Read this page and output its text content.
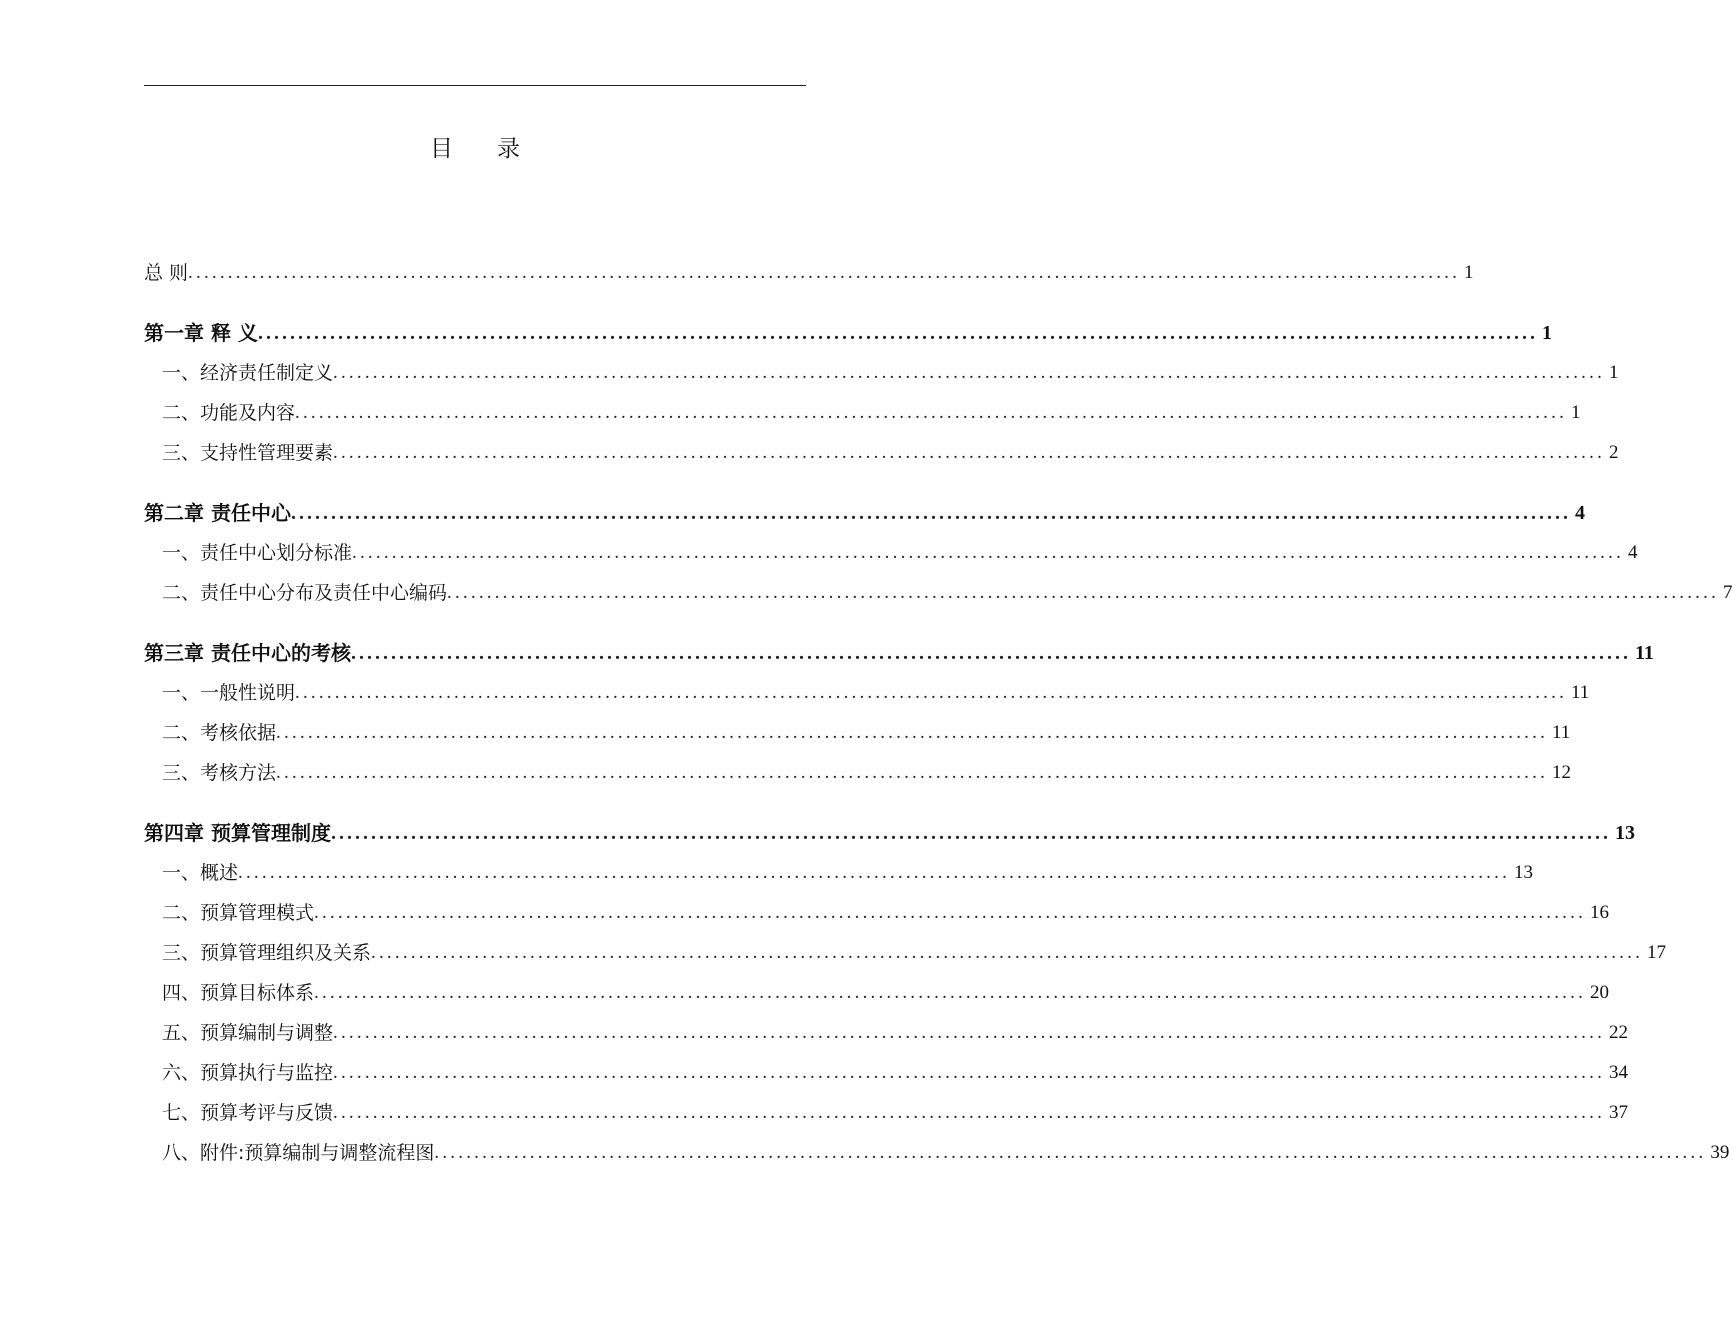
目 录
总 则 ................................................................................................................................................................ 1
第一章 释 义 ................................................................................................................................................................ 1
一、经济责任制定义 ................................................................................................................................................................ 1
二、功能及内容 ................................................................................................................................................................ 1
三、支持性管理要素 ................................................................................................................................................................ 2
第二章 责任中心 ................................................................................................................................................................ 4
一、责任中心划分标准 ................................................................................................................................................................ 4
二、责任中心分布及责任中心编码 ................................................................................................................................................................ 7
第三章 责任中心的考核 ................................................................................................................................................................ 11
一、一般性说明 ................................................................................................................................................................ 11
二、考核依据 ................................................................................................................................................................ 11
三、考核方法 ................................................................................................................................................................ 12
第四章 预算管理制度 ................................................................................................................................................................ 13
一、概述 ................................................................................................................................................................ 13
二、预算管理模式 ................................................................................................................................................................ 16
三、预算管理组织及关系 ................................................................................................................................................................ 17
四、预算目标体系 ................................................................................................................................................................ 20
五、预算编制与调整 ................................................................................................................................................................ 22
六、预算执行与监控 ................................................................................................................................................................ 34
七、预算考评与反馈 ................................................................................................................................................................ 37
八、附件:预算编制与调整流程图 ................................................................................................................................................................ 39
